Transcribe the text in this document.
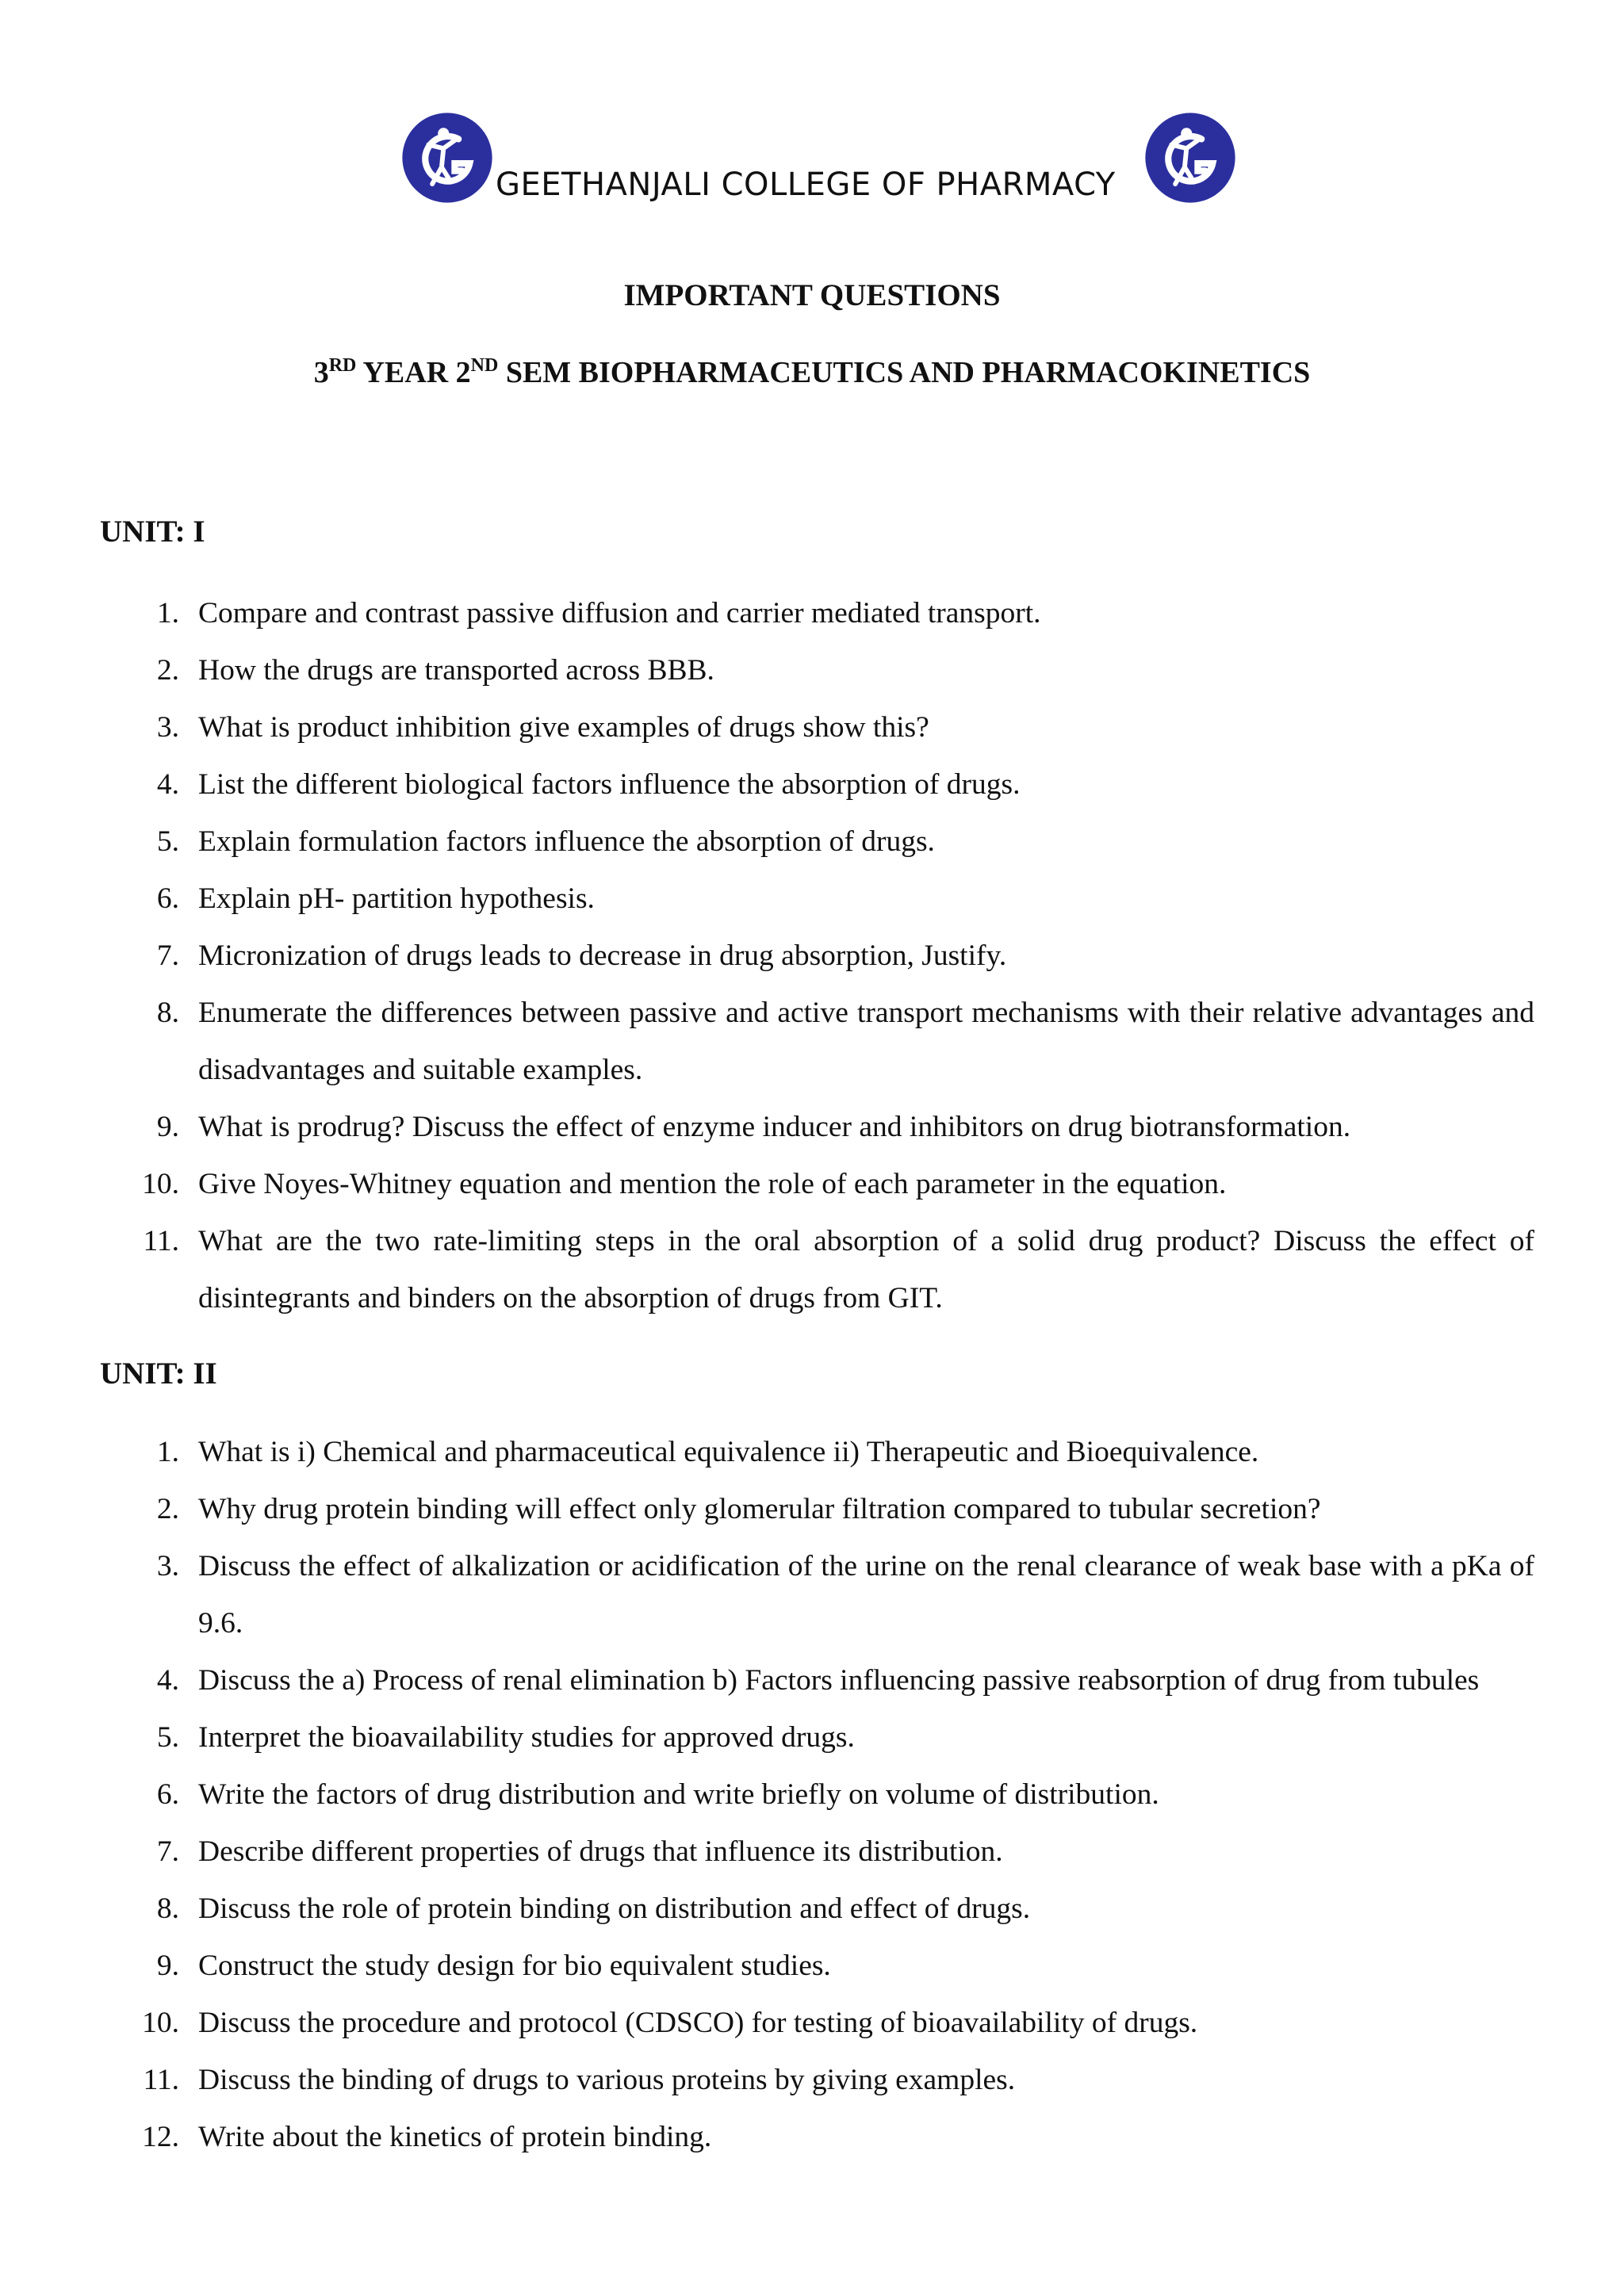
GEETHANJALI COLLEGE OF PHARMACY
IMPORTANT QUESTIONS
3RD YEAR 2ND SEM BIOPHARMACEUTICS AND PHARMACOKINETICS
UNIT: I
1. Compare and contrast passive diffusion and carrier mediated transport.
2. How the drugs are transported across BBB.
3. What is product inhibition give examples of drugs show this?
4. List the different biological factors influence the absorption of drugs.
5. Explain formulation factors influence the absorption of drugs.
6. Explain pH- partition hypothesis.
7. Micronization of drugs leads to decrease in drug absorption, Justify.
8. Enumerate the differences between passive and active transport mechanisms with their relative advantages and disadvantages and suitable examples.
9. What is prodrug? Discuss the effect of enzyme inducer and inhibitors on drug biotransformation.
10. Give Noyes-Whitney equation and mention the role of each parameter in the equation.
11. What are the two rate-limiting steps in the oral absorption of a solid drug product? Discuss the effect of disintegrants and binders on the absorption of drugs from GIT.
UNIT: II
1. What is i) Chemical and pharmaceutical equivalence ii) Therapeutic and Bioequivalence.
2. Why drug protein binding will effect only glomerular filtration compared to tubular secretion?
3. Discuss the effect of alkalization or acidification of the urine on the renal clearance of weak base with a pKa of 9.6.
4. Discuss the a) Process of renal elimination b) Factors influencing passive reabsorption of drug from tubules
5. Interpret the bioavailability studies for approved drugs.
6. Write the factors of drug distribution and write briefly on volume of distribution.
7. Describe different properties of drugs that influence its distribution.
8. Discuss the role of protein binding on distribution and effect of drugs.
9. Construct the study design for bio equivalent studies.
10. Discuss the procedure and protocol (CDSCO) for testing of bioavailability of drugs.
11. Discuss the binding of drugs to various proteins by giving examples.
12. Write about the kinetics of protein binding.
